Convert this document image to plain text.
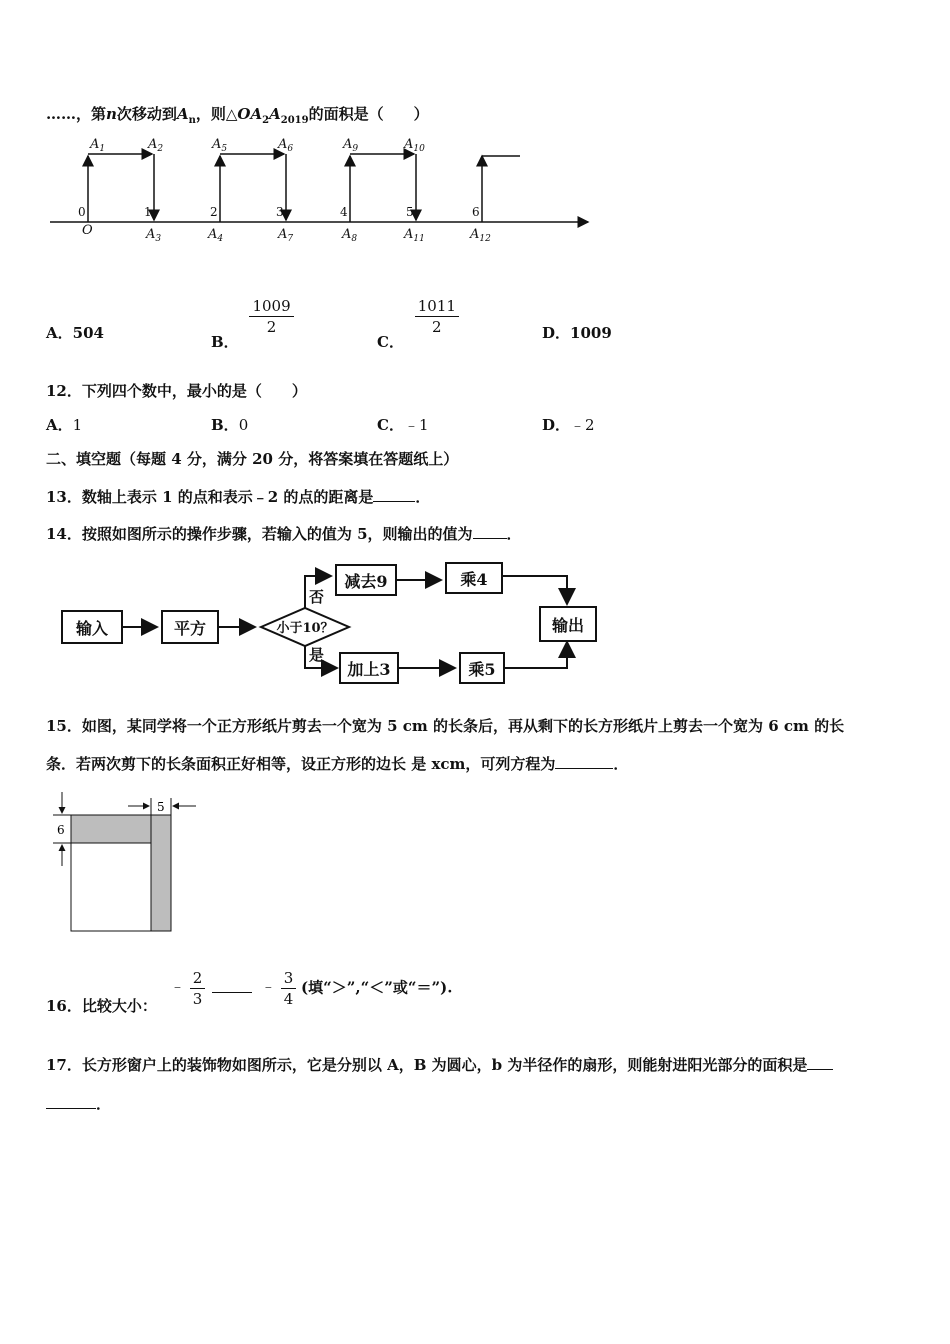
……，第n次移动到$A_n$，则$\triangle OA_2A_{2019}$的面积是（　　）
0	1	2	3	4	5	6
O
$A_1$	$A_2$	$A_5$	$A_6$	$A_9$	$A_{10}$
$A_3$	$A_4$	$A_7$	$A_8$	$A_{11}$	$A_{12}$
A．504	B．
$\frac{1009}{2}$
C．
$\frac{1011}{2}$	D．1009
12．下列四个数中，最小的是（　　）
A．1	B．0	C．﹣1	D．﹣2
二、填空题（每题 4 分，满分 20 分，将答案填在答题纸上）
13．数轴上表示 1 的点和表示﹣2 的点的距离是	．
14．按照如图所示的操作步骤，若输入的值为 5，则输出的值为 ．
输入	平方	小于10？
否
是
减去9	乘4
加上3	乘5
输出
15．如图，某同学将一个正方形纸片剪去一个宽为 5 cm 的长条后，再从剩下的长方形纸片上剪去一个宽为 6 cm 的长
条．若两次剪下的长条面积正好相等，设正方形的边长 是 xcm，可列方程为	．
6
5
16．比较大小：
﹣ $\frac{2}{3}$	﹣ $\frac{3}{4}$ (填“＞”,“＜”或“＝”).
17．长方形窗户上的装饰物如图所示，它是分别以 A，B 为圆心，b 为半径作的扇形，则能射进阳光部分的面积是
．
